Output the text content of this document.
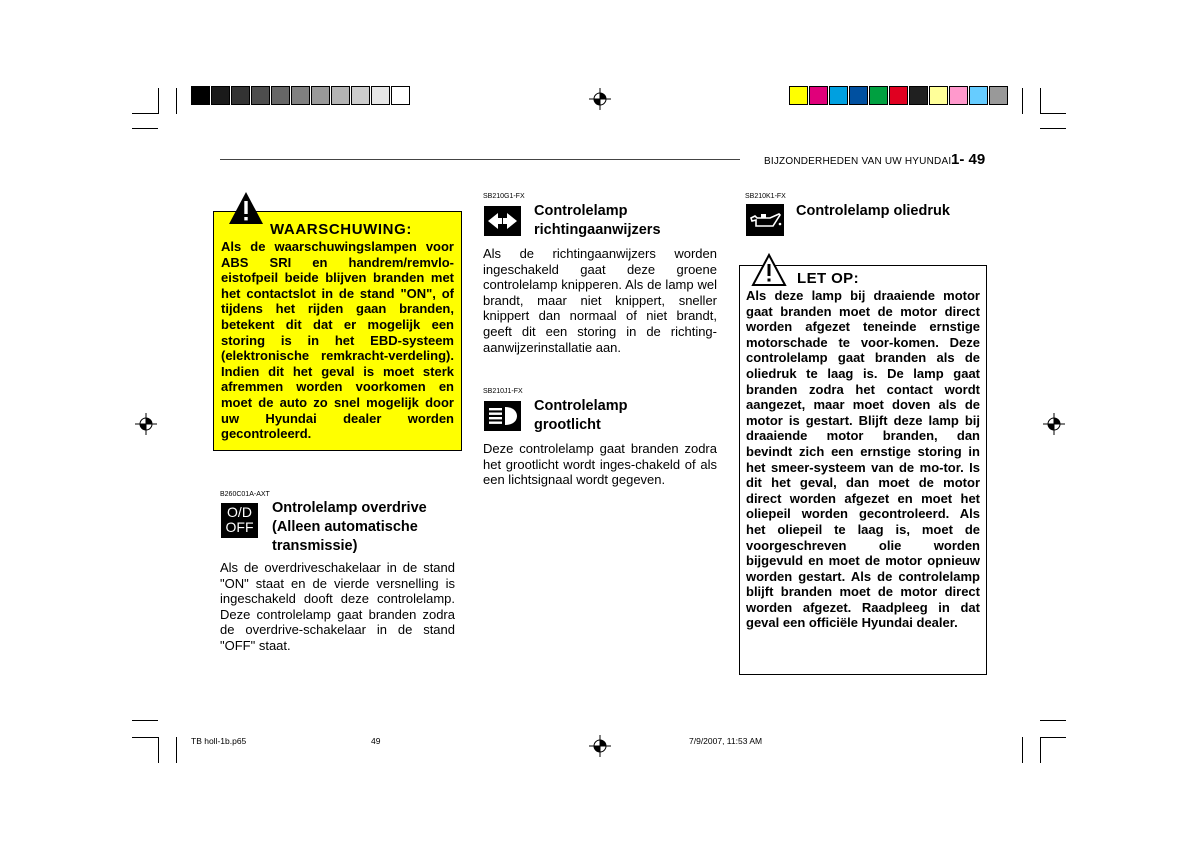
BIJZONDERHEDEN VAN UW HYUNDAI 1- 49
WAARSCHUWING:
Als de waarschuwingslampen voor ABS SRI en handrem/remvlo-eistofpeil beide blijven branden met het contactslot in de stand "ON", of tijdens het rijden gaan branden, betekent dit dat er mogelijk een storing is in het EBD-systeem (elektronische remkracht-verdeling). Indien dit het geval is moet sterk afremmen worden voorkomen en moet de auto zo snel mogelijk door uw Hyundai dealer worden gecontroleerd.
B260C01A-AXT
O/D
OFF
Ontrolelamp overdrive (Alleen automatische transmissie)
Als de overdriveschakelaar in de stand "ON" staat en de vierde versnelling is ingeschakeld dooft deze controlelamp. Deze controlelamp gaat branden zodra de overdrive-schakelaar in de stand "OFF" staat.
SB210G1-FX
Controlelamp richtingaanwijzers
Als de richtingaanwijzers worden ingeschakeld gaat deze groene controlelamp knipperen. Als de lamp wel brandt, maar niet knippert, sneller knippert dan normaal of niet brandt, geeft dit een storing in de richting-aanwijzerinstallatie aan.
SB210J1-FX
Controlelamp grootlicht
Deze controlelamp gaat branden zodra het grootlicht wordt inges-chakeld of als een lichtsignaal wordt gegeven.
SB210K1-FX
Controlelamp oliedruk
LET OP:
Als deze lamp bij draaiende motor gaat branden moet de motor direct worden afgezet teneinde ernstige motorschade te voor-komen. Deze controlelamp gaat branden als de oliedruk te laag is. De lamp gaat branden zodra het contact wordt aangezet, maar moet doven als de motor is gestart. Blijft deze lamp bij draaiende motor branden, dan bevindt zich een ernstige storing in het smeer-systeem van de mo-tor. Is dit het geval, dan moet de motor direct worden afgezet en moet het oliepeil worden gecontroleerd. Als het oliepeil te laag is, moet de voorgeschreven olie worden bijgevuld en moet de motor opnieuw worden gestart. Als de controlelamp blijft branden moet de motor direct worden afgezet. Raadpleeg in dat geval een officiële Hyundai dealer.
TB holl-1b.p65	49	7/9/2007, 11:53 AM
